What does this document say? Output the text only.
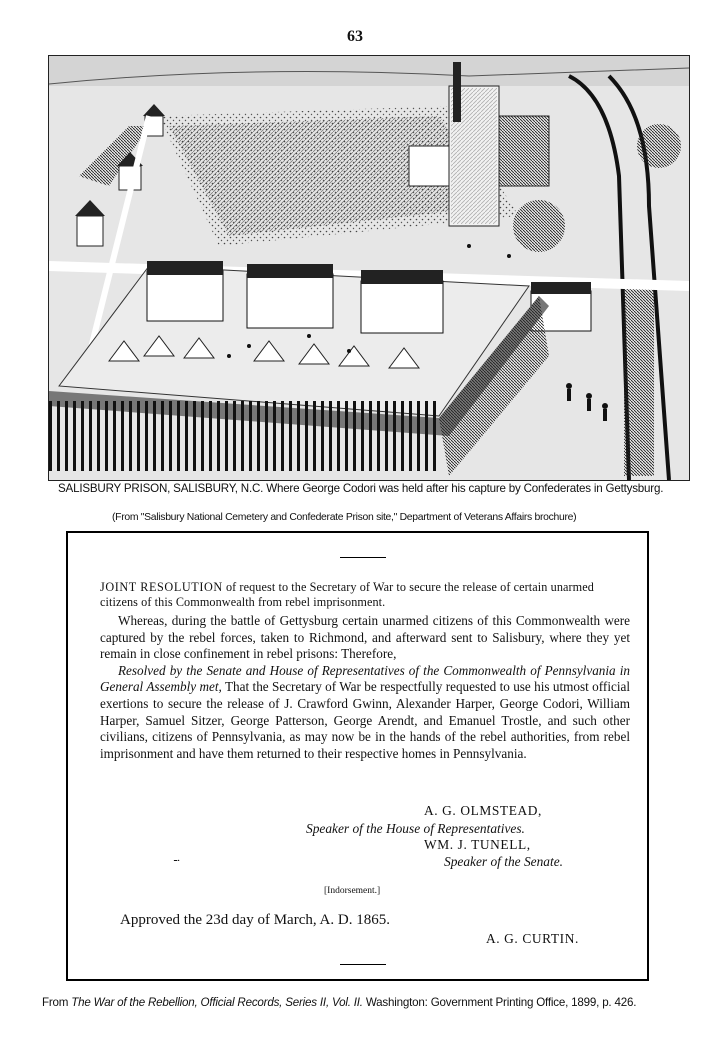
63
SALISBURY PRISON, SALISBURY, N.C. Where George Codori was held after his capture by Confederates in Gettysburg.
(From "Salisbury National Cemetery and Confederate Prison site," Department of Veterans Affairs brochure)
JOINT RESOLUTION of request to the Secretary of War to secure the release of certain unarmed citizens of this Commonwealth from rebel imprisonment.

Whereas, during the battle of Gettysburg certain unarmed citizens of this Commonwealth were captured by the rebel forces, taken to Richmond, and afterward sent to Salisbury, where they yet remain in close confinement in rebel prisons: Therefore,

Resolved by the Senate and House of Representatives of the Commonwealth of Pennsylvania in General Assembly met, That the Secretary of War be respectfully requested to use his utmost official exertions to secure the release of J. Crawford Gwinn, Alexander Harper, George Codori, William Harper, Samuel Sitzer, George Patterson, George Arendt, and Emanuel Trostle, and such other civilians, citizens of Pennsylvania, as may now be in the hands of the rebel authorities, from rebel imprisonment and have them returned to their respective homes in Pennsylvania.

ـ.
A. G. OLMSTEAD,
Speaker of the House of Representatives.
WM. J. TUNELL,
Speaker of the Senate.
[Indorsement.]
Approved the 23d day of March, A. D. 1865.
A. G. CURTIN.
From The War of the Rebellion, Official Records, Series II, Vol. II. Washington: Government Printing Office, 1899, p. 426.
